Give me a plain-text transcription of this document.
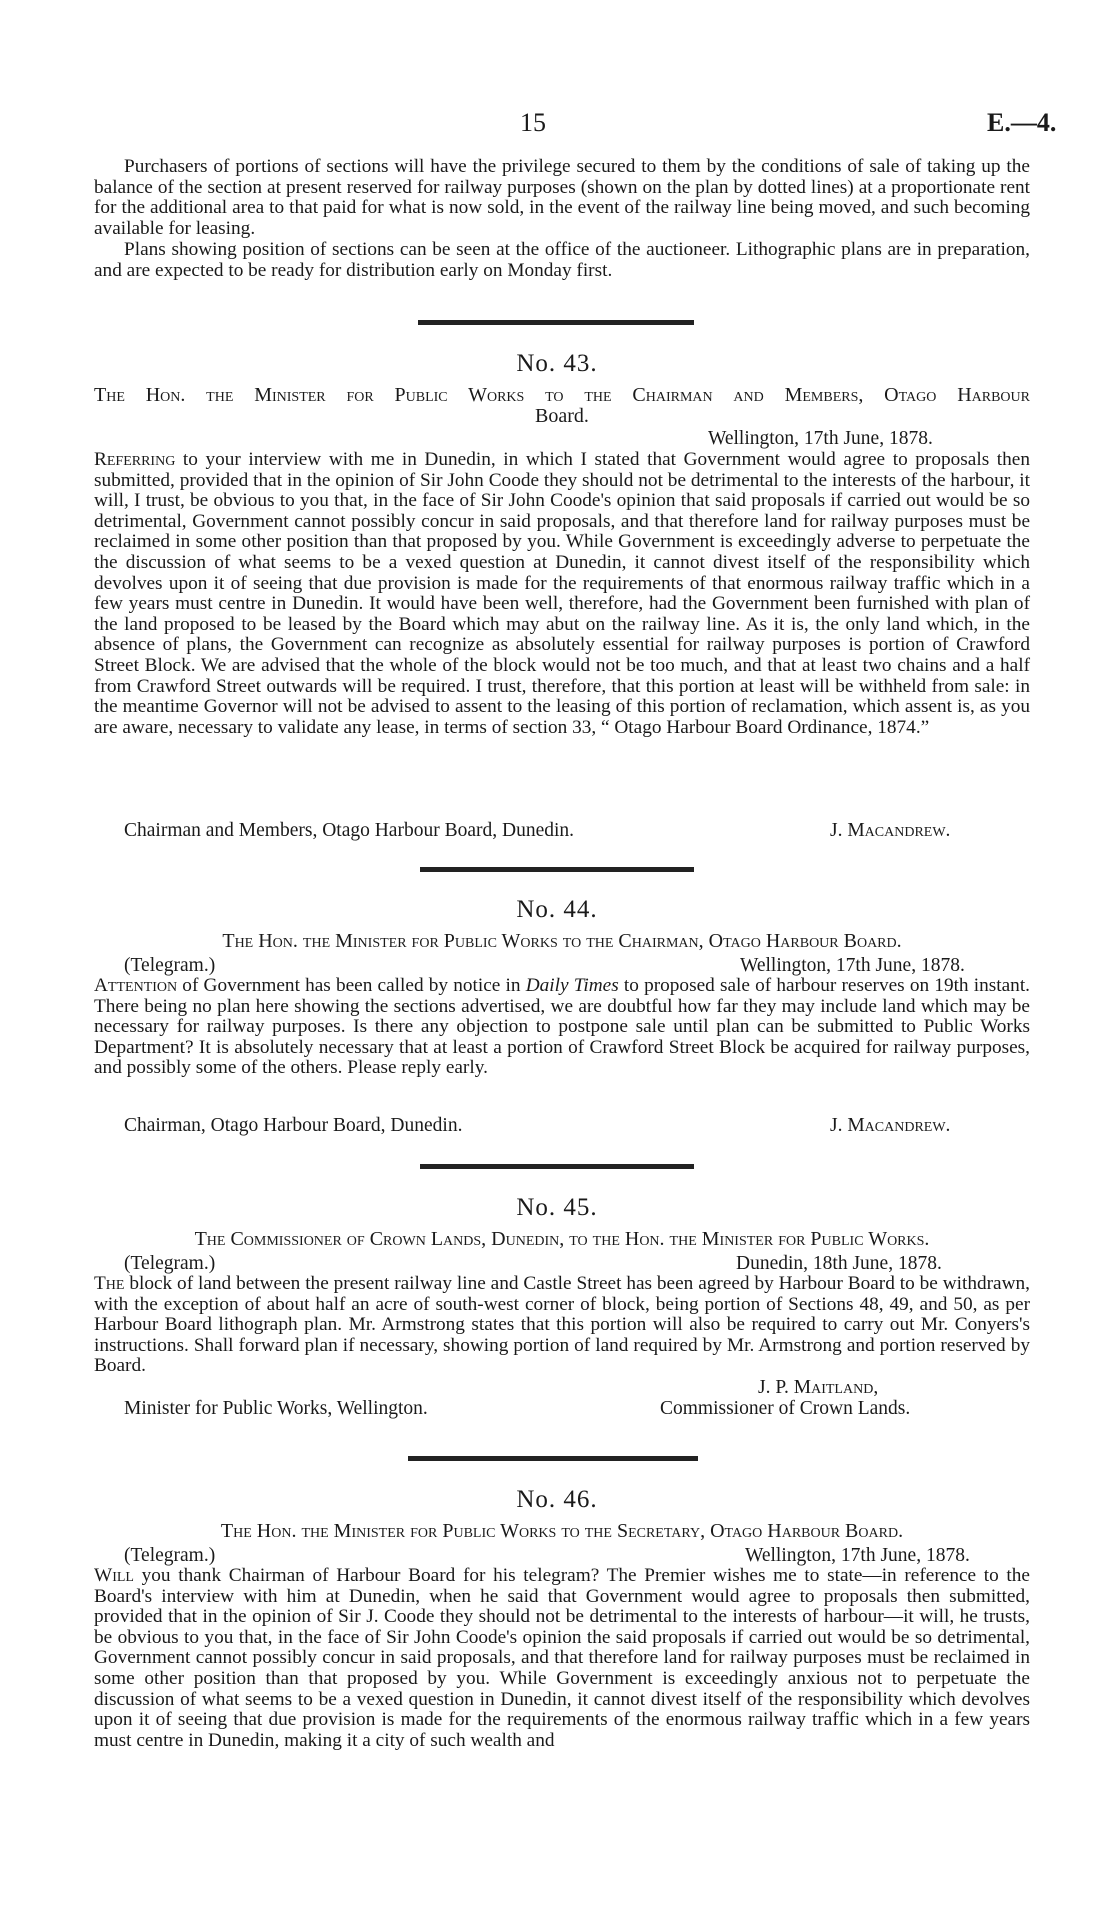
15	E.—4.

Purchasers of portions of sections will have the privilege secured to them by the conditions of sale of taking up the balance of the section at present reserved for railway purposes (shown on the plan by dotted lines) at a proportionate rent for the additional area to that paid for what is now sold, in the event of the railway line being moved, and such becoming available for leasing.

Plans showing position of sections can be seen at the office of the auctioneer. Lithographic plans are in preparation, and are expected to be ready for distribution early on Monday first.

No. 43.
The Hon. the Minister for Public Works to the Chairman and Members, Otago Harbour
Board.
Wellington, 17th June, 1878.

Referring to your interview with me in Dunedin, in which I stated that Government would agree to proposals then submitted, provided that in the opinion of Sir John Coode they should not be detrimental to the interests of the harbour, it will, I trust, be obvious to you that, in the face of Sir John Coode's opinion that said proposals if carried out would be so detrimental, Government cannot possibly concur in said proposals, and that therefore land for railway purposes must be reclaimed in some other position than that proposed by you. While Government is exceedingly adverse to perpetuate the the discussion of what seems to be a vexed question at Dunedin, it cannot divest itself of the responsibility which devolves upon it of seeing that due provision is made for the requirements of that enormous railway traffic which in a few years must centre in Dunedin. It would have been well, therefore, had the Government been furnished with plan of the land proposed to be leased by the Board which may abut on the railway line. As it is, the only land which, in the absence of plans, the Government can recognize as absolutely essential for railway purposes is portion of Crawford Street Block. We are advised that the whole of the block would not be too much, and that at least two chains and a half from Crawford Street outwards will be required. I trust, therefore, that this portion at least will be withheld from sale: in the meantime Governor will not be advised to assent to the leasing of this portion of reclamation, which assent is, as you are aware, necessary to validate any lease, in terms of section 33, “ Otago Harbour Board Ordinance, 1874.”

Chairman and Members, Otago Harbour Board, Dunedin.	J. Macandrew.
No. 44.
The Hon. the Minister for Public Works to the Chairman, Otago Harbour Board.
(Telegram.)	Wellington, 17th June, 1878.

Attention of Government has been called by notice in Daily Times to proposed sale of harbour reserves on 19th instant. There being no plan here showing the sections advertised, we are doubtful how far they may include land which may be necessary for railway purposes. Is there any objection to postpone sale until plan can be submitted to Public Works Department? It is absolutely necessary that at least a portion of Crawford Street Block be acquired for railway purposes, and possibly some of the others. Please reply early.

Chairman, Otago Harbour Board, Dunedin.	J. Macandrew.
No. 45.
The Commissioner of Crown Lands, Dunedin, to the Hon. the Minister for Public Works.
(Telegram.)	Dunedin, 18th June, 1878.

The block of land between the present railway line and Castle Street has been agreed by Harbour Board to be withdrawn, with the exception of about half an acre of south-west corner of block, being portion of Sections 48, 49, and 50, as per Harbour Board lithograph plan. Mr. Armstrong states that this portion will also be required to carry out Mr. Conyers's instructions. Shall forward plan if necessary, showing portion of land required by Mr. Armstrong and portion reserved by Board.

J. P. Maitland,
Minister for Public Works, Wellington.	Commissioner of Crown Lands.
No. 46.
The Hon. the Minister for Public Works to the Secretary, Otago Harbour Board.
(Telegram.)	Wellington, 17th June, 1878.

Will you thank Chairman of Harbour Board for his telegram? The Premier wishes me to state—in reference to the Board's interview with him at Dunedin, when he said that Government would agree to proposals then submitted, provided that in the opinion of Sir J. Coode they should not be detrimental to the interests of harbour—it will, he trusts, be obvious to you that, in the face of Sir John Coode's opinion the said proposals if carried out would be so detrimental, Government cannot possibly concur in said proposals, and that therefore land for railway purposes must be reclaimed in some other position than that proposed by you. While Government is exceedingly anxious not to perpetuate the discussion of what seems to be a vexed question in Dunedin, it cannot divest itself of the responsibility which devolves upon it of seeing that due provision is made for the requirements of the enormous railway traffic which in a few years must centre in Dunedin, making it a city of such wealth and
